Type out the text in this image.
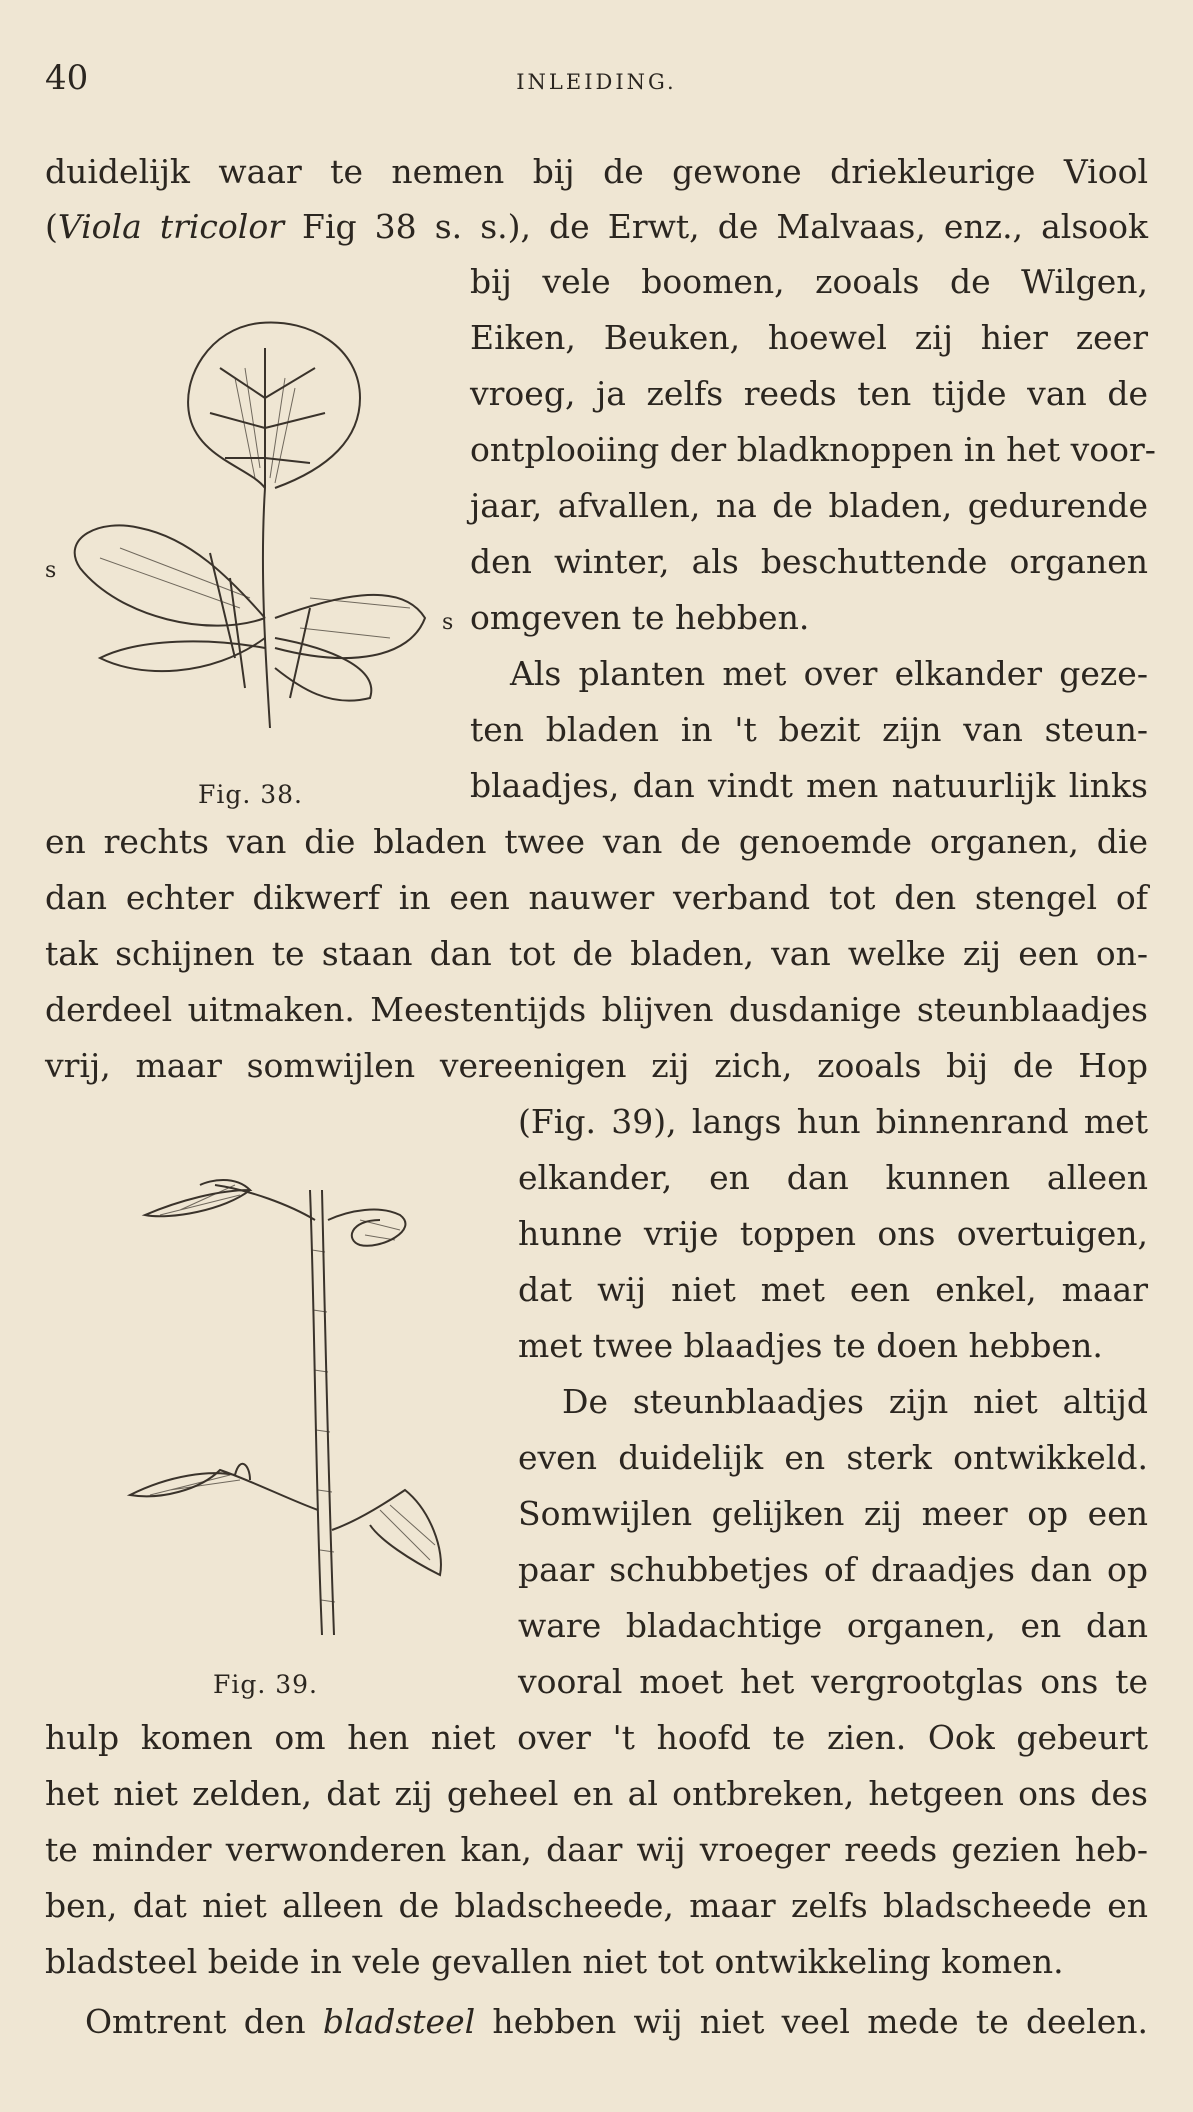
40	INLEIDING.
duidelijk waar te nemen bij de gewone driekleurige Viool
(Viola tricolor Fig 38 s. s.), de Erwt, de Malvaas, enz., alsook
bij vele boomen, zooals de Wilgen,
Eiken, Beuken, hoewel zij hier zeer
vroeg, ja zelfs reeds ten tijde van de
ontplooiing der bladknoppen in het voor-
jaar, afvallen, na de bladen, gedurende
den winter, als beschuttende organen
omgeven te hebben.
Als planten met over elkander geze-
ten bladen in 't bezit zijn van steun-
blaadjes, dan vindt men natuurlijk links
en rechts van die bladen twee van de genoemde organen, die
dan echter dikwerf in een nauwer verband tot den stengel of
tak schijnen te staan dan tot de bladen, van welke zij een on-
derdeel uitmaken. Meestentijds blijven dusdanige steunblaadjes
vrij, maar somwijlen vereenigen zij zich, zooals bij de Hop
(Fig. 39), langs hun binnenrand met
elkander, en dan kunnen alleen
hunne vrije toppen ons overtuigen,
dat wij niet met een enkel, maar
met twee blaadjes te doen hebben.
De steunblaadjes zijn niet altijd
even duidelijk en sterk ontwikkeld.
Somwijlen gelijken zij meer op een
paar schubbetjes of draadjes dan op
ware bladachtige organen, en dan
vooral moet het vergrootglas ons te
hulp komen om hen niet over 't hoofd te zien. Ook gebeurt
het niet zelden, dat zij geheel en al ontbreken, hetgeen ons des
te minder verwonderen kan, daar wij vroeger reeds gezien heb-
ben, dat niet alleen de bladscheede, maar zelfs bladscheede en
bladsteel beide in vele gevallen niet tot ontwikkeling komen.
Omtrent den bladsteel hebben wij niet veel mede te deelen.
s
s
Fig. 38.
Fig. 39.
